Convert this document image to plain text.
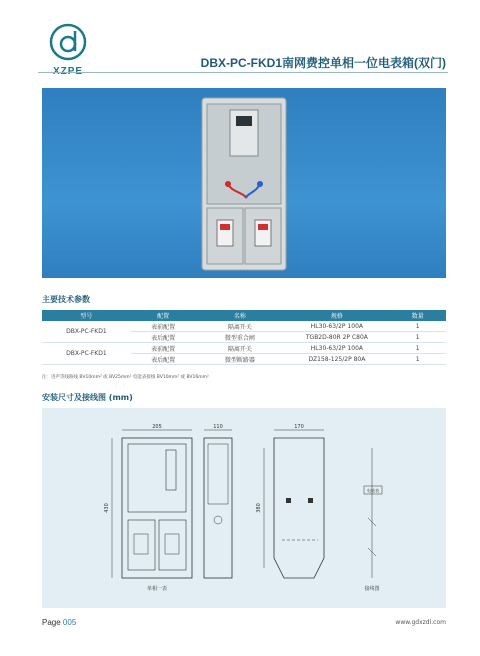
DBX-PC-FKD1南网费控单相一位电表箱(双门)
主要技术参数
型号	配置	名称	规格	数量
DBX-PC-FKD1	表前配置	隔离开关	HL30-63/2P 100A	1
	表后配置	微型重合闸	TGB2D-80R 2P C80A	1
DBX-PC-FKD1	表前配置	隔离开关	HL30-63/2P 100A	1
	表后配置	微型断路器	DZ158-125/2P 80A	1
注：进声等线路线 BV10mm² 或 BV25mm² 电能表接线 BV10mm² 或 BV16mm²
安装尺寸及接线图 (mm)
205
430
110	170
380
电能表
单相一表	接线图
Page 005	www.gdxzdl.com
